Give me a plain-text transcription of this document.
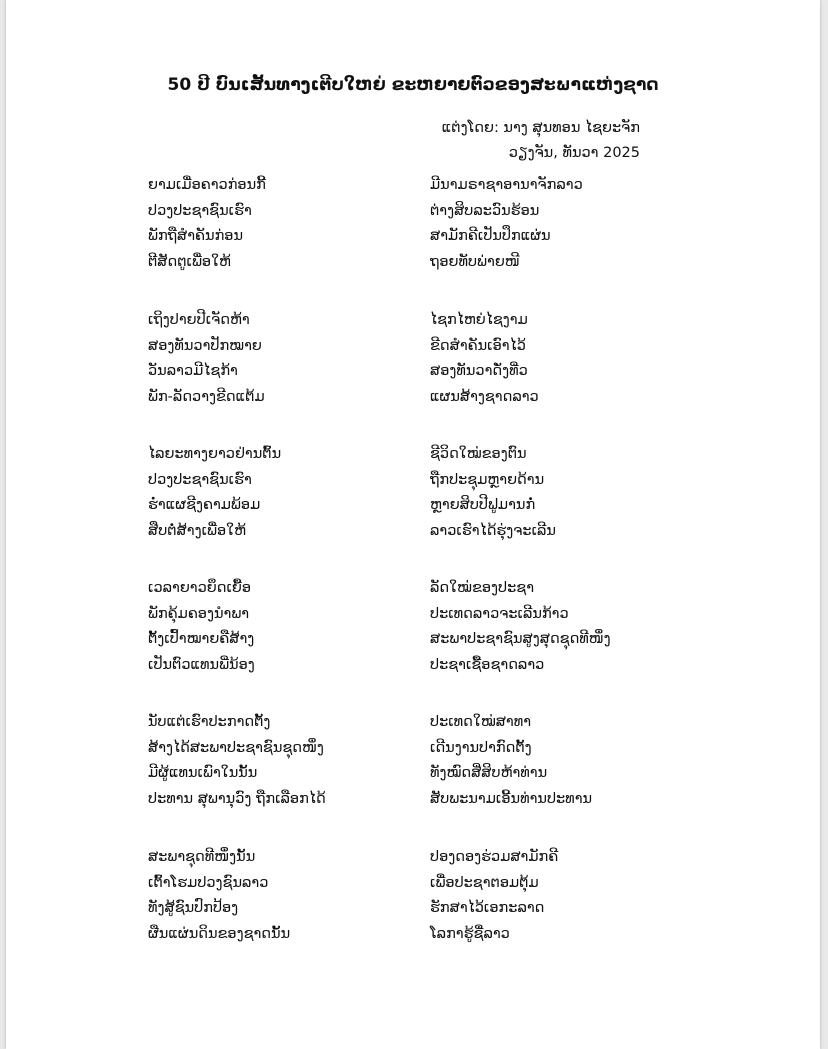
50 ປີ ບົນເສັ້ນທາງເຕີບໃຫຍ່ ຂະຫຍາຍຕົວຂອງສະພາແຫ່ງຊາດ
ແຕ່ງໂດຍ: ນາງ ສຸນທອນ ໄຊຍະຈັກ
ວຽງຈັນ, ທັນວາ 2025
ຍາມເມື່ອຄາວກ່ອນກີ້	ມີນາມຣາຊາອານາຈັກລາວ
ປວງປະຊາຊົນເຮົາ	ຕ່າງສິບລະວົນຮ້ອນ
ພັກຖືສຳຄັນກ່ອນ	ສາມັກຄີເປັນປຶກແຜ່ນ
ຕີສັດຕູເພື່ອໃຫ້	ຖອຍທັບພ່າຍໜີ
ເຖິງປາຍປີເຈັດຫ້າ	ໄຊກໄຫຍ່ໄຊງາມ
ສອງທັນວາປັກໝາຍ	ຂີດສຳຄັນເອົາໄວ້
ວັນລາວມີໄຊກ້າ	ສອງທັນວາດັ່ງທີ່ວ
ພັກ-ລັດວາງຂີດແຕ້ມ	ແຜນສ້າງຊາດລາວ
ໄລຍະທາງຍາວຢ່ານຕົ້ນ	ຊີວິດໃໝ່ຂອງຕົນ
ປວງປະຊາຊົນເຮົາ	ຖືກປະຊຸມຫຼາຍດ້ານ
ຮ່ຳແຜຊີງຄາມພ້ອມ	ຫຼາຍສິບປີຟູມານກໍ່
ສືບຕໍ່ສ້າງເພື່ອໃຫ້	ລາວເຮົາໄດ້ຮຸ່ງຈະເລີນ
ເວລາຍາວຍຶດເຍື້ອ	ລັດໃໝ່ຂອງປະຊາ
ພັກຄຸ້ມຄອງນຳພາ	ປະເທດລາວຈະເລີນກ້າວ
ຕັ້ງເປົ້າໝາຍຄືສ້າງ	ສະພາປະຊາຊົນສູງສຸດຊຸດທີໜຶ່ງ
ເປັນຕົວແທນພີ່ນ້ອງ	ປະຊາເຊື້ອຊາດລາວ
ນັບແຕ່ເຮົາປະກາດຕັ້ງ	ປະເທດໃໝ່ສາທາ
ສ້າງໄດ້ສະພາປະຊາຊົນຊຸດໜຶ່ງ	ເດີນງານປາກົດຕັ້ງ
ມີຜູ້ແທນເພົາໃນນັ້ນ	ທັງໝົດສີ່ສິບຫ້າທ່ານ
ປະທານ ສຸພານຸວົງ ຖືກເລືອກໄດ້	ສັບພະນາມເອີ້ນທ່ານປະທານ
ສະພາຊຸດທີໜຶ່ງນັ້ນ	ປອງດອງຮ່ວມສາມັກຄີ
ເຕົ້າໂຮມປວງຊົນລາວ	ເພື່ອປະຊາຕອມຕຸ້ມ
ທັງສູ້ຊົນປົກປ້ອງ	ຮັກສາໄວ້ເອກະລາດ
ຜືນແຜ່ນດິນຂອງຊາດນັ້ນ	ໂລກາຮູ້ຊື່ລາວ
